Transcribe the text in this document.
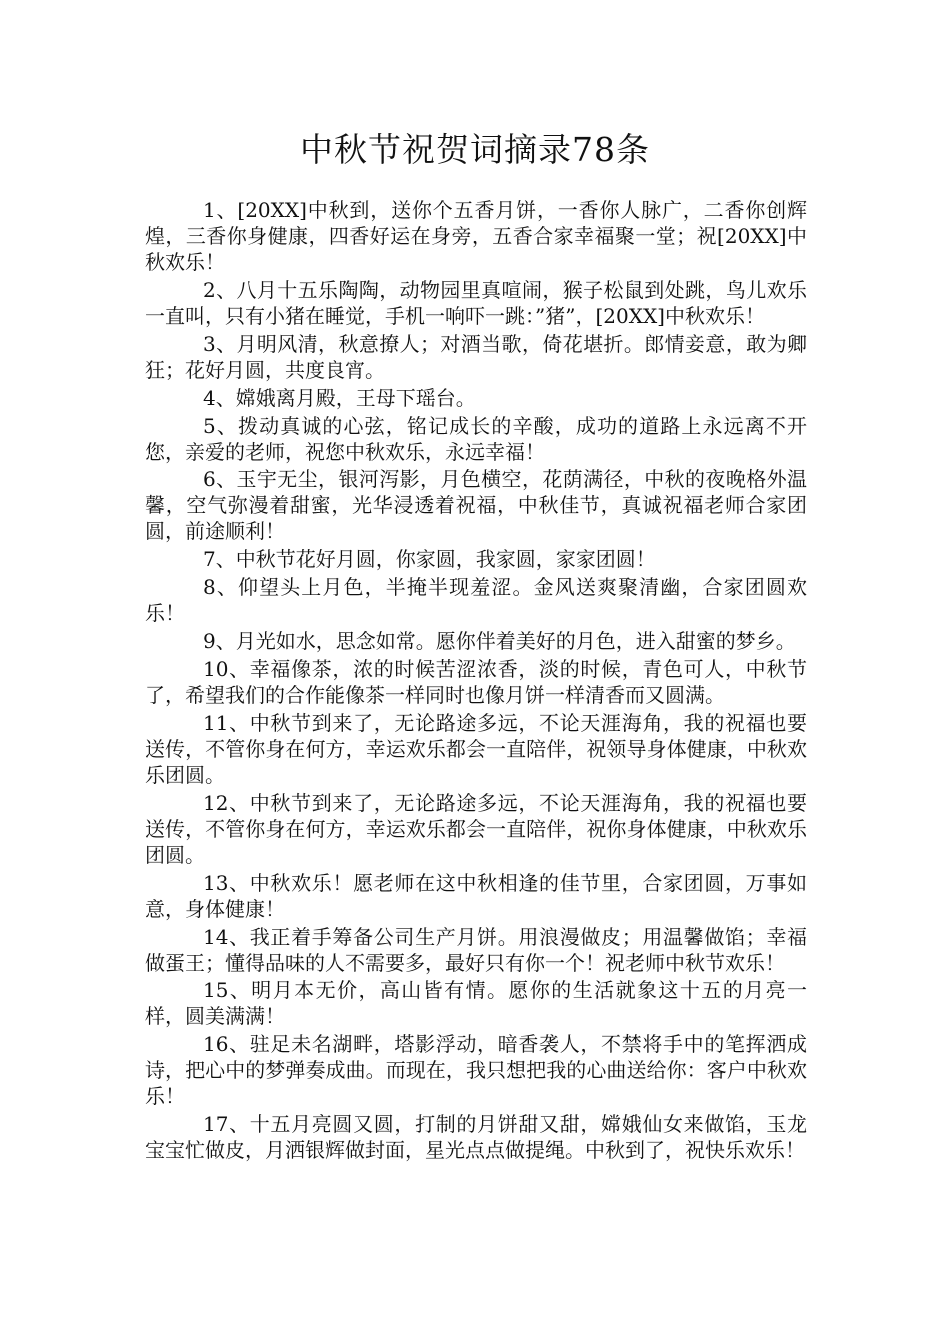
中秋节祝贺词摘录78条

1、[20XX]中秋到，送你个五香月饼，一香你人脉广，二香你创辉煌，三香你身健康，四香好运在身旁，五香合家幸福聚一堂；祝[20XX]中秋欢乐！

2、八月十五乐陶陶，动物园里真喧闹，猴子松鼠到处跳，鸟儿欢乐一直叫，只有小猪在睡觉，手机一响吓一跳：”猪”，[20XX]中秋欢乐！

3、月明风清，秋意撩人；对酒当歌，倚花堪折。郎情妾意，敢为卿狂；花好月圆，共度良宵。

4、嫦娥离月殿，王母下瑶台。

5、拨动真诚的心弦，铭记成长的辛酸，成功的道路上永远离不开您，亲爱的老师，祝您中秋欢乐，永远幸福！

6、玉宇无尘，银河泻影，月色横空，花荫满径，中秋的夜晚格外温馨，空气弥漫着甜蜜，光华浸透着祝福，中秋佳节，真诚祝福老师合家团圆，前途顺利！

7、中秋节花好月圆，你家圆，我家圆，家家团圆！

8、仰望头上月色，半掩半现羞涩。金风送爽聚清幽，合家团圆欢乐！

9、月光如水，思念如常。愿你伴着美好的月色，进入甜蜜的梦乡。

10、幸福像茶，浓的时候苦涩浓香，淡的时候，青色可人，中秋节了，希望我们的合作能像茶一样同时也像月饼一样清香而又圆满。

11、中秋节到来了，无论路途多远，不论天涯海角，我的祝福也要送传，不管你身在何方，幸运欢乐都会一直陪伴，祝领导身体健康，中秋欢乐团圆。

12、中秋节到来了，无论路途多远，不论天涯海角，我的祝福也要送传，不管你身在何方，幸运欢乐都会一直陪伴，祝你身体健康，中秋欢乐团圆。

13、中秋欢乐！愿老师在这中秋相逢的佳节里，合家团圆，万事如意，身体健康！

14、我正着手筹备公司生产月饼。用浪漫做皮；用温馨做馅；幸福做蛋王；懂得品味的人不需要多，最好只有你一个！祝老师中秋节欢乐！

15、明月本无价，高山皆有情。愿你的生活就象这十五的月亮一样，圆美满满！

16、驻足未名湖畔，塔影浮动，暗香袭人，不禁将手中的笔挥洒成诗，把心中的梦弹奏成曲。而现在，我只想把我的心曲送给你：客户中秋欢乐！

17、十五月亮圆又圆，打制的月饼甜又甜，嫦娥仙女来做馅，玉龙宝宝忙做皮，月洒银辉做封面，星光点点做提绳。中秋到了，祝快乐欢乐！
